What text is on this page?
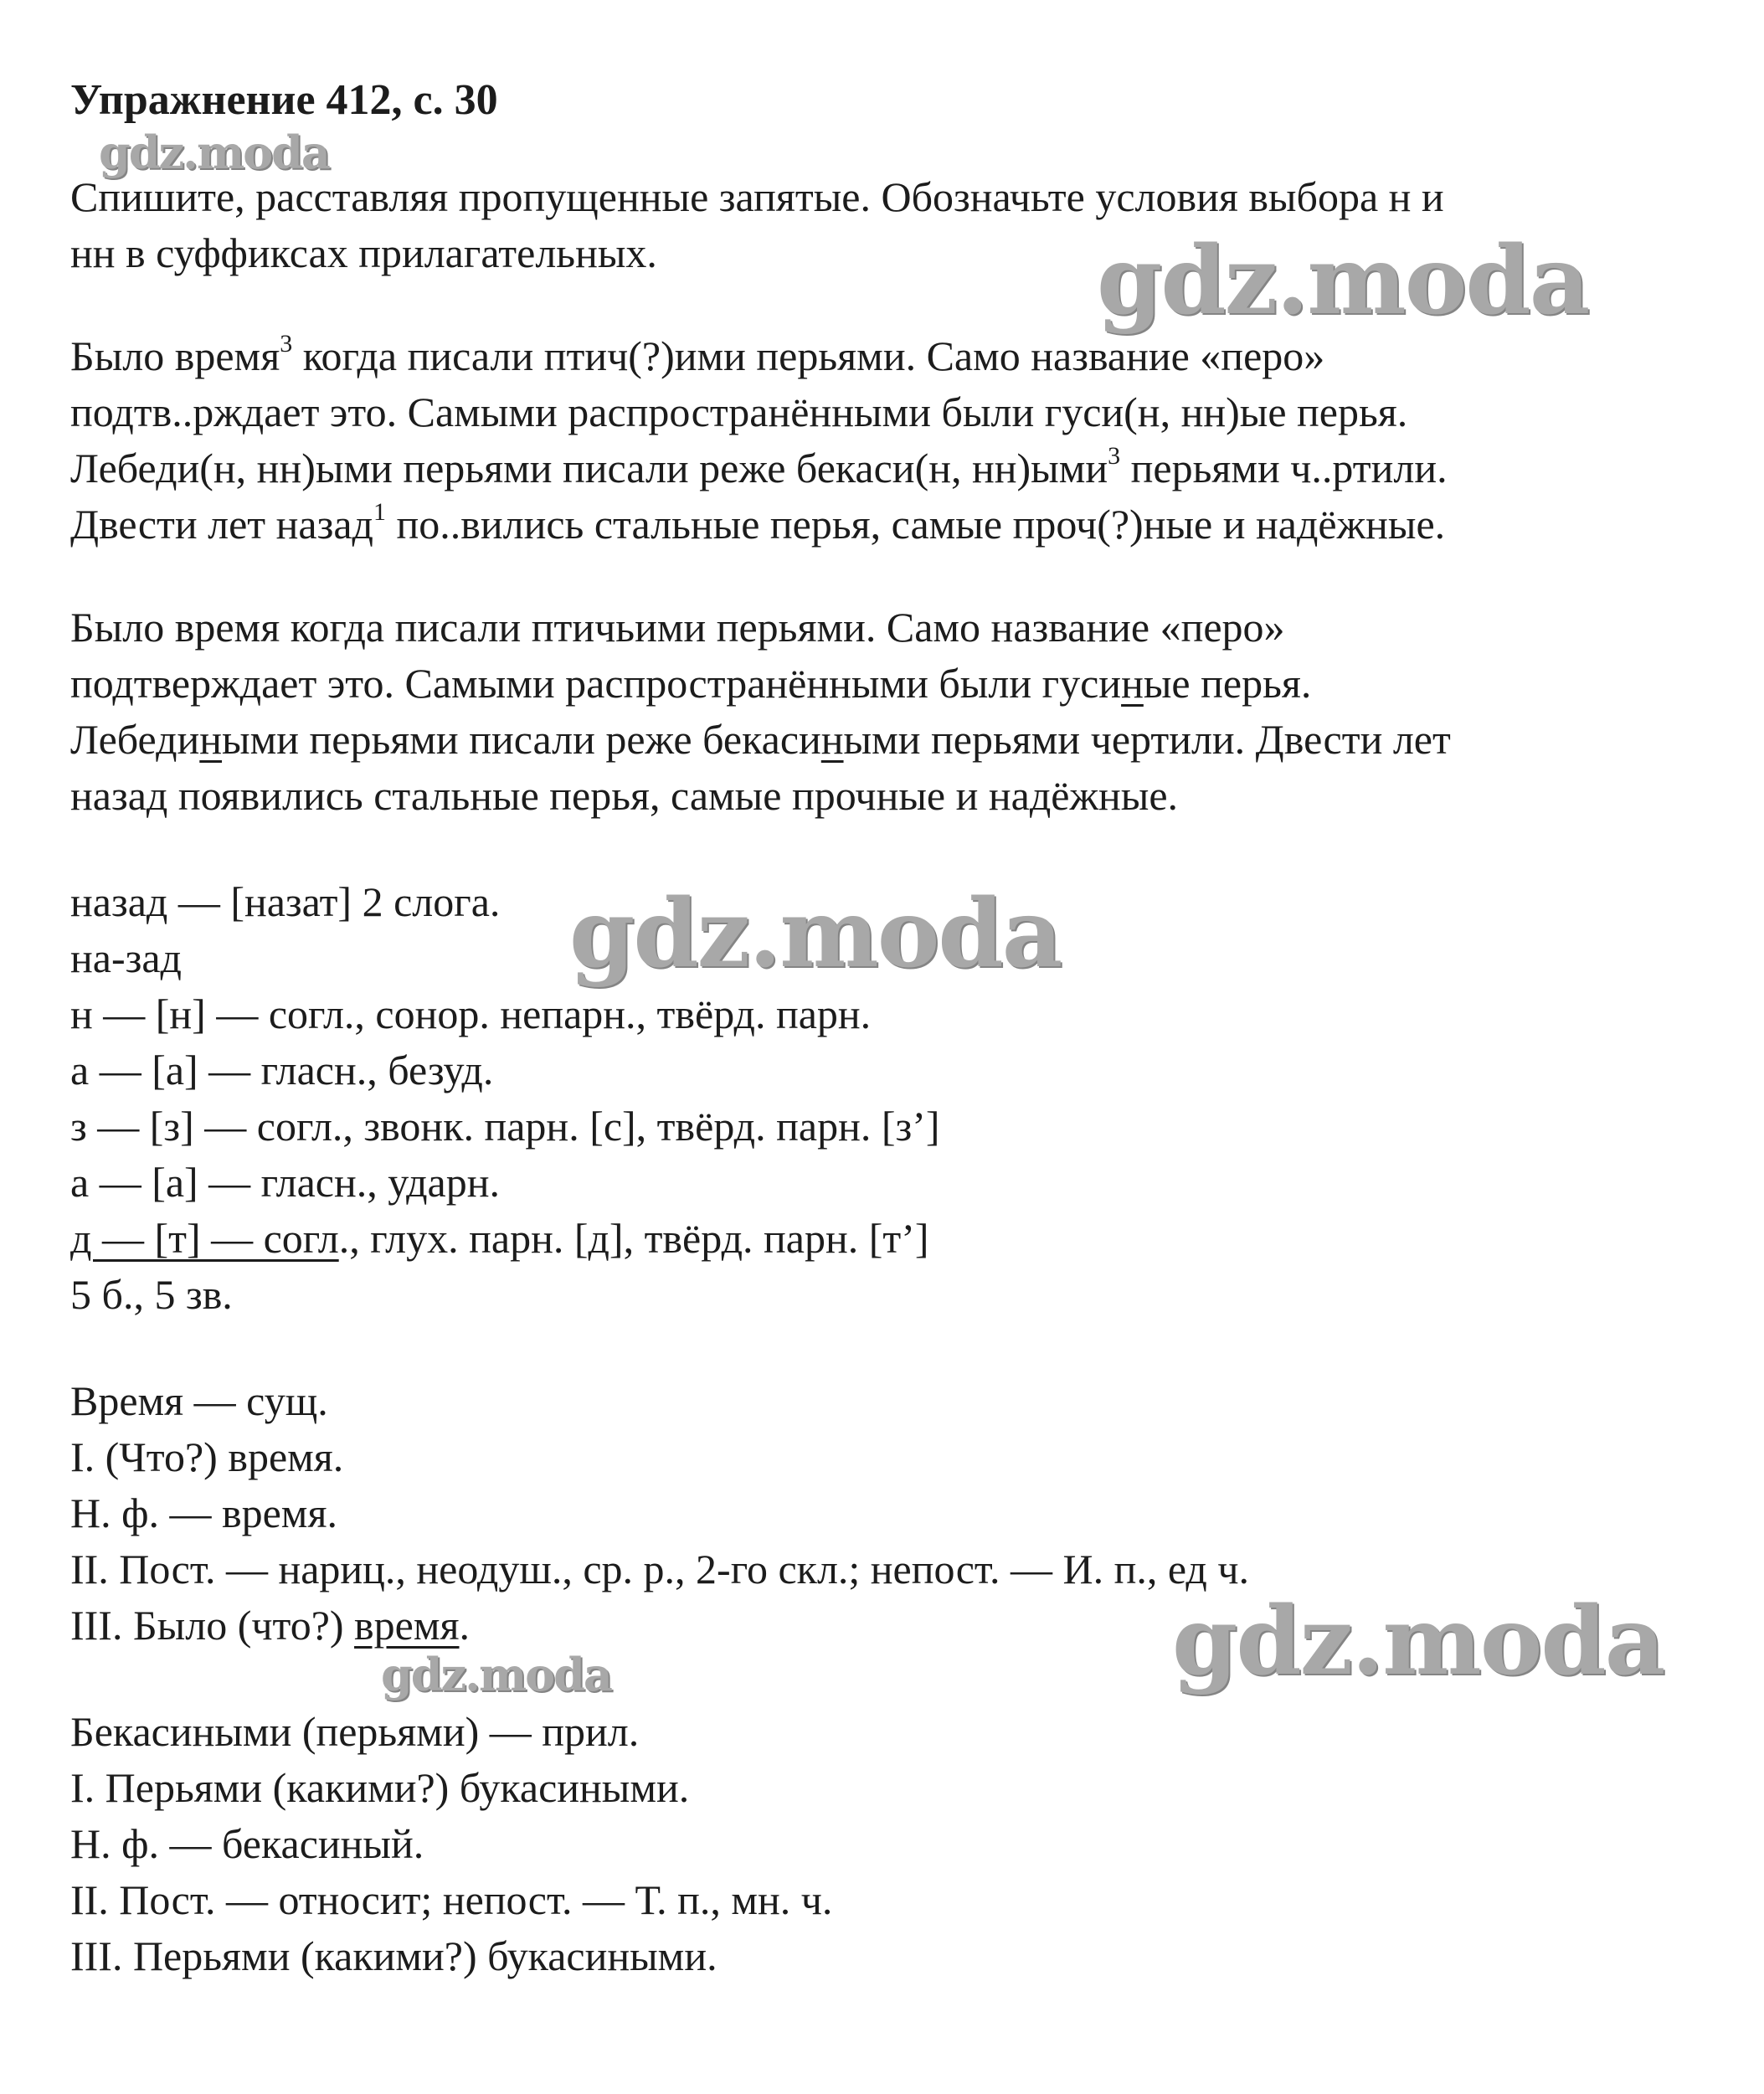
Упражнение 412, с. 30
Спишите, расставляя пропущенные запятые. Обозначьте условия выбора н и
нн в суффиксах прилагательных.
Было время$^3$ когда писали птич(?)ими перьями. Само название «перо»
подтв..рждает это. Самыми распространёнными были гуси(н, нн)ые перья.
Лебеди(н, нн)ыми перьями писали реже бекаси(н, нн)ыми$^3$ перьями ч..ртили.
Двести лет назад$^1$ по..вились стальные перья, самые проч(?)ные и надёжные.
Было время когда писали птичьими перьями. Само название «перо»
подтверждает это. Самыми распространёнными были гусиные перья.
Лебедиными перьями писали реже бекасиными перьями чертили. Двести лет
назад появились стальные перья, самые прочные и надёжные.
назад — [назат] 2 слога.
на-зад
н — [н] — согл., сонор. непарн., твёрд. парн.
а — [а] — гласн., безуд.
з — [з] — согл., звонк. парн. [с], твёрд. парн. [з’]
а — [а] — гласн., ударн.
д — [т] — согл., глух. парн. [д], твёрд. парн. [т’]
5 б., 5 зв.
Время — сущ.
I. (Что?) время.
Н. ф. — время.
II. Пост. — нариц., неодуш., ср. р., 2-го скл.; непост. — И. п., ед ч.
III. Было (что?) время.
Бекасиными (перьями) — прил.
I. Перьями (какими?) букасиными.
Н. ф. — бекасиный.
II. Пост. — относит; непост. — Т. п., мн. ч.
III. Перьями (какими?) букасиными.
gdz.moda
gdz.moda
gdz.moda
gdz.moda
gdz.moda
